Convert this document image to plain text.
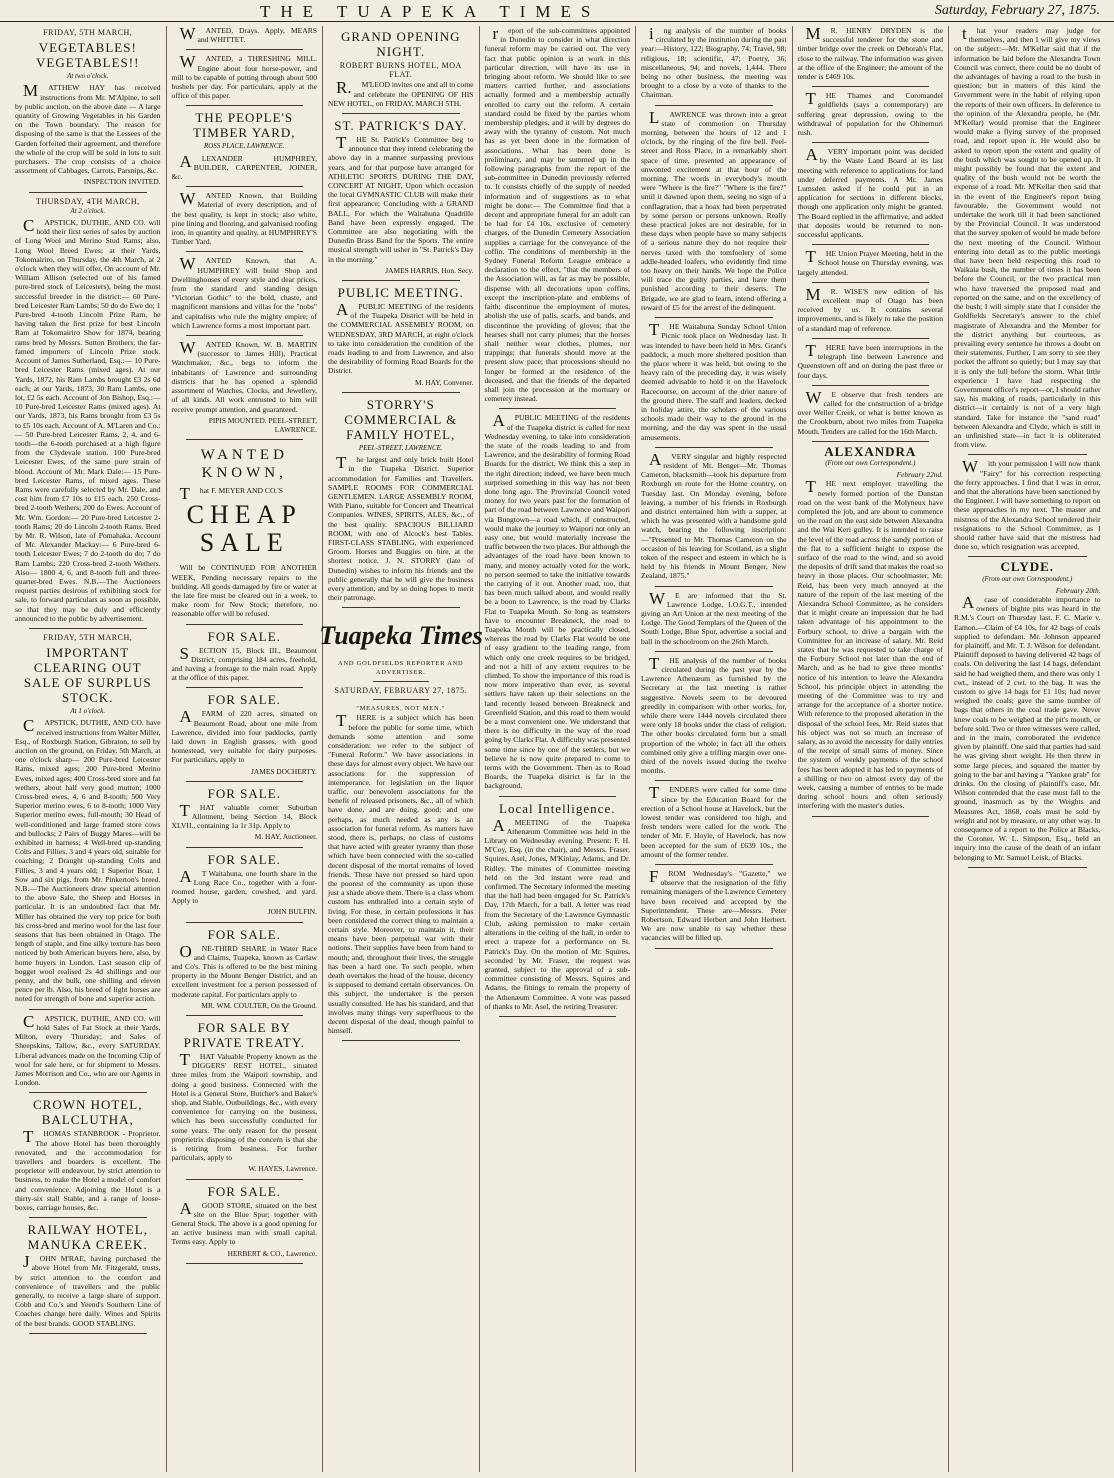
THE TUAPEKA TIMES	Saturday, February 27, 1875.
FRIDAY, 5TH MARCH,
VEGETABLES! VEGETABLES!!
At two o'clock.
MATTHEW HAY has received instructions from Mr. M'Alpine, to sell by public auction, on the above date — A large quantity of Growing Vegetables in his Garden on the Town boundary. The reason for disposing of the same is that the Lessees of the Garden forfeited their agreement, and therefore the whole of the crop will be sold in lots to suit purchasers. The crop consists of a choice assortment of Cabbages, Carrots, Parsnips, &c.
INSPECTION INVITED.
THURSDAY, 4TH MARCH,
At 2 o'clock.
CAPSTICK, DUTHIE, AND CO. will hold their first series of sales by auction of Long Wool and Merino Stud Rams; also, Long Wool Breed Ewes; at their Yards, Tokomairiro, on Thursday, the 4th March, at 2 o'clock when they will offer, On account of Mr. William Allison (selected out of his famed pure-bred stock of Leicesters), being the most successful breeder in the district:— 60 Pure-bred Leicester Ram Lambs; 50 do do Ewe do; 1 Pure-bred 4-tooth Lincoln Prize Ram, he having taken the first prize for best Lincoln Ram at Tokomairiro Show for 1874, beating rams bred by Messrs. Sutton Brothers, the far-famed importers of Lincoln Prize stock. Account of James Sutherland, Esq.:— 10 Pure-bred Leicester Rams (mixed ages). At our Yards, 1872, his Ram Lambs brought £3 2s 6d each; at our Yards, 1873, 30 Ram Lambs, one lot, £2 5s each. Account of Jon Bishop, Esq.:— 10 Pure-bred Leicester Rams (mixed ages). At our Yards, 1873, his Rams brought from £3 5s to £5 10s each. Account of A. M'Laren and Co.:— 50 Pure-bred Leicester Rams, 2, 4, and 6-tooth—the 6-tooth purchased at a high figure from the Clydevale station. 100 Pure-bred Leicester Ewes, of the same pure strain of blood. Account of Mr. Mark Dale:— 15 Pure-bred Leicester Rams, of mixed ages. These Rams were carefully selected by Mr. Dale, and cost him from £7 10s to £15 each. 250 Cross-bred 2-tooth Wethers; 200 do Ewes. Account of Mr. Wm. Gordon:— 20 Pure-bred Leicester 2-tooth Rams; 20 do Lincoln 2-tooth Rams. Bred by Mr. R. Wilson, late of Pomahaka. Account of Mr. Alexander Mackay:— 6 Pure-bred 6-tooth Leicester Ewes; 7 do 2-tooth do do; 7 do Ram Lambs; 220 Cross-bred 2-tooth Wethers. Also— 1800 4, 6, and 8-tooth full and three-quarter-bred Ewes. N.B.—The Auctioneers request parties desirous of exhibiting stock for sale, to forward particulars as soon as possible, so that they may be duly and efficiently announced to the public by advertisement.
FRIDAY, 5TH MARCH,
IMPORTANT CLEARING OUT SALE OF SURPLUS STOCK.
At 1 o'clock.
CAPSTICK, DUTHIE, AND CO. have received instructions from Walter Miller, Esq., of Roxburgh Station, Gibraton, to sell by auction on the ground, on Friday, 5th March, at one o'clock sharp— 200 Pure-bred Leicester Rams, mixed ages; 200 Pure-bred Merino Ewes, mixed ages; 400 Cross-bred store and fat wethers, about half very good mutton; 1000 Cross-bred ewes, 4, 6 and 8-tooth; 500 Very Superior merino ewes, 6 to 8-tooth; 1000 Very Superior merino ewes, full-mouth; 30 Head of well-conditioned and large framed store cows and bullocks; 2 Pairs of Buggy Mares—will be exhibited in harness; 4 Well-bred up-standing Colts and Fillies, 3 and 4 years old, suitable for coaching; 2 Draught up-standing Colts and Fillies, 3 and 4 years old; 1 Superior Boar, 1 Sow and six pigs, from Mr. Pinkerton's breed. N.B.—The Auctioneers draw special attention to the above Sale, the Sheep and Horses in particular. It is an undoubted fact that Mr. Miller has obtained the very top price for both his cross-bred and merino wool for the last four seasons that has been obtained in Otago. The length of staple, and fine silky texture has been noticed by both American buyers here, also, by home buyers in London. Last season clip of hogget wool realised 2s 4d shillings and our penny, and the bulk, one shilling and eleven pence per lb. Also, his breed of light horses are noted for strength of bone and superior action.
CAPSTICK, DUTHIE, AND CO. will hold Sales of Fat Stock at their Yards, Milton, every Thursday; and Sales of Sheepskins, Tallow, &c., every SATURDAY. Liberal advances made on the Incoming Clip of wool for sale here, or for shipment to Messrs. James Morrison and Co., who are our Agents in London.
CROWN HOTEL, BALCLUTHA,
THOMAS STANBROOK - Proprietor. The above Hotel has been thoroughly renovated, and the accommodation for travellers and boarders is excellent. The proprietor will endeavour, by strict attention to business, to make the Hotel a model of comfort and convenience. Adjoining the Hotel is a thirty-six stall Stable, and a range of loose-boxes, carriage houses, &c.
RAILWAY HOTEL, MANUKA CREEK.
JOHN M'RAE, having purchased the above Hotel from Mr. Fitzgerald, trusts, by strict attention to the comfort and convenience of travellers and the public generally, to receive a large share of support. Cobb and Co.'s and Yeend's Southern Line of Coaches change here daily. Wines and Spirits of the best brands. GOOD STABLING.
WANTED, Drays. Apply, MEARS and WHITTET.
WANTED, a THRESHING MILL. Engine about four horse-power, and mill to be capable of putting through about 500 bushels per day. For particulars, apply at the office of this paper.
THE PEOPLE'S TIMBER YARD,
ROSS PLACE, LAWRENCE.
ALEXANDER HUMPHREY, BUILDER, CARPENTER, JOINER, &c.
WANTED Known, that Building Material of every description, and of the best quality, is kept in stock; also white, pine lining and flooring, and galvanised roofing iron, in quantity and quality, at HUMPHREY'S Timber Yard.
WANTED Known, that A. HUMPHREY will build Shop and Dwellinghouses of every style and dear prices, from the standard and standing design "Victorian Gothic" to the bold, chaste, and magnificent mansions and villas for the "nobs" and capitalists who rule the mighty empire; of which Lawrence forms a most important part.
WANTED Known, W. B. MARTIN (successor to James Hill), Practical Watchmaker, &c., begs to inform the inhabitants of Lawrence and surrounding districts that he has opened a splendid assortment of Watches, Clocks, and Jewellery, of all kinds. All work entrusted to him will receive prompt attention, and guaranteed.
PIPIS MOUNTED. PEEL-STREET, LAWRENCE.
WANTED KNOWN,
That F. MEYER AND CO.'S
CHEAP SALE
Will be CONTINUED FOR ANOTHER WEEK, Pending necessary repairs to the building. All goods damaged by fire or water at the late fire must be cleared out in a week, to make room for New Stock; therefore, no reasonable offer will be refused.
FOR SALE.
SECTION 15, Block III., Beaumont District, comprising 184 acres, freehold, and having a frontage to the main road. Apply at the office of this paper.
FOR SALE.
AFARM of 220 acres, situated on Beaumont Road, about one mile from Lawrence, divided into four paddocks, partly laid down in English grasses, with good homestead, very suitable for dairy purposes. For particulars, apply to
JAMES DOCHERTY.
FOR SALE.
THAT valuable corner Suburban Allotment, being Section 14, Block XLVII., containing 1a 1r 31p. Apply to
M. HAY, Auctioneer.
FOR SALE.
AT Waitahuna, one fourth share in the Long Race Co., together with a four-roomed house, garden, cowshed, and yard. Apply to
JOHN BULFIN.
FOR SALE.
ONE-THIRD SHARE in Water Race and Claims, Tuapeka, known as Carlaw and Co's. This is offered to be the best mining property in the Mount Benger District, and an excellent investment for a person possessed of moderate capital. For particulars apply to
MR. WM. COULTER, On the Ground.
FOR SALE BY PRIVATE TREATY.
THAT Valuable Property known as the DIGGERS' REST HOTEL, situated three miles from the Waipori township, and doing a good business. Connected with the Hotel is a General Store, Butcher's and Baker's shop, and Stable, Outbuildings, &c., with every convenience for carrying on the business, which has been successfully conducted for some years. The only reason for the present proprietrix disposing of the concern is that she is retiring from business. For further particulars, apply to
W. HAYES, Lawrence.
FOR SALE.
AGOOD STORE, situated on the best site on the Blue Spur; together with General Stock. The above is a good opening for an active business man with small capital. Terms easy. Apply to
HERBERT & CO., Lawrence.
GRAND OPENING NIGHT.
ROBERT BURNS HOTEL, MOA FLAT.
R.M'LEOD invites one and all to come and celebrate the OPENING OF HIS NEW HOTEL, on FRIDAY, MARCH 5TH.
ST. PATRICK'S DAY.
THE St. Patrick's Committee beg to announce that they intend celebrating the above day in a manner surpassing previous years, and for that purpose have arranged for ATHLETIC SPORTS DURING THE DAY, CONCERT AT NIGHT, Upon which occasion the local GYMNASTIC CLUB will make their first appearance; Concluding with a GRAND BALL, For which the Waitahuna Quadrille Band have been expressly engaged. The Committee are also negotiating with the Dunedin Brass Band for the Sports. The entire musical strength will usher in "St. Patrick's Day in the morning."
JAMES HARRIS, Hon. Secy.
PUBLIC MEETING.
APUBLIC MEETING of the residents of the Tuapeka District will be held in the COMMERCIAL ASSEMBLY ROOM, on WEDNESDAY, 3RD MARCH, at eight o'clock to take into consideration the condition of the roads leading to and from Lawrence, and also the desirability of forming Road Boards for the District.
M. HAY, Convener.
STORRY'S COMMERCIAL & FAMILY HOTEL,
PEEL-STREET, LAWRENCE.
The largest and only brick built Hotel in the Tuapeka District. Superior accommodation for Families and Travellers. SAMPLE ROOMS FOR COMMERCIAL GENTLEMEN. LARGE ASSEMBLY ROOM, With Piano, suitable for Concert and Theatrical Companies. WINES, SPIRITS, ALES, &c., of the best quality. SPACIOUS BILLIARD ROOM, with one of Alcock's best Tables. FIRST-CLASS STABLING, with experienced Groom. Horses and Buggies on hire, at the shortest notice. J. N. STORRY (late of Dunedin) wishes to inform his friends and the public generally that he will give the business every attention, and by so doing hopes to merit their patronage.
Tuapeka Times
AND GOLDFIELDS REPORTER AND ADVERTISER.
SATURDAY, FEBRUARY 27, 1875.
"MEASURES, NOT MEN."
THERE is a subject which has been before the public for some time, which demands some attention and some consideration: we refer to the subject of "Funeral Reform." We have associations in these days for almost every object. We have our associations for the suppression of intemperance, for legislation on the liquor traffic, our benevolent associations for the benefit of released prisoners, &c., all of which have done, and are doing, good; and one perhaps, as much needed as any is an association for funeral reform. As matters have stood, there is, perhaps, no class of customs that have acted with greater tyranny than those which have been connected with the so-called decent disposal of the mortal remains of loved friends. These have not pressed so hard upon the poorest of the community as upon those just a shade above them. There is a class whom custom has enthralled into a certain style of living. For these, in certain professions it has been considered the correct thing to maintain a certain style. Moreover, to maintain it, their means have been perpetual war with their notions. Their supplies have been from hand to mouth; and, throughout their lives, the struggle has been a hard one. To such people, when death overtakes the head of the house, decency is supposed to demand certain observances. On this subject, the undertaker is the person usually consulted. He has his standard, and that involves many things very superfluous to the decent disposal of the dead, though painful to himself.
report of the sub-committees appointed in Dunedin to consider in what direction funeral reform may be carried out. The very fact that public opinion is at work in this particular direction, will have its use in bringing about reform. We should like to see matters carried further, and associations actually formed and a membership actually enrolled to carry out the reform. A certain standard could be fixed by the parties whom membership pledges, and it will by degrees do away with the tyranny of custom. Not much has as yet been done in the formation of associations. What has been done is preliminary, and may be summed up in the following paragraphs from the report of the sub-committee in Dunedin previously referred to. It consists chiefly of the supply of needed information and of suggestions as to what might be done:— The Committee find that a decent and appropriate funeral for an adult can be had for £4 10s, exclusive of cemetery charges, of the Dunedin Cemetery Association supplies a carriage for the conveyance of the coffin. The conditions of membership in the Sydney Funeral Reform League embrace a declaration to the effect, "that the members of the Association will, as far as may be possible, dispense with all decorations upon coffins, except the inscription-plate and emblems of faith; discontinue the employment of mutes, abolish the use of palls, scarfs, and bands, and discontinue the providing of gloves; that the hearses shall not carry plumes; that the horses shall neither wear clothes, plumes, nor trappings; that funerals should move at the present slow pace; that processions should no longer be formed at the residence of the deceased, and that the friends of the departed shall join the procession at the mortuary or cemetery instead.
APUBLIC MEETING of the residents of the Tuapeka district is called for next Wednesday evening, to take into consideration the state of the roads leading to and from Lawrence, and the desirability of forming Road Boards for the district. We think this a step in the right direction; indeed, we have been much surprised something in this way has not been done long ago. The Provincial Council voted money for two years past for the formation of part of the road between Lawrence and Waipori via Bungtown—a road which, if constructed, would make the journey to Waipori not only an easy one, but would materially increase the traffic between the two places. But although the advantages of the road have been known to many, and money actually voted for the work, no person seemed to take the initiative towards the carrying of it out. Another road, too, that has been much talked about, and would really be a boon to Lawrence, is the road by Clarks Flat to Tuapeka Mouth. So long as teamsters have to encounter Breakneck, the road to Tuapeka Mouth will be practically closed, whereas the road by Clarks Flat would be one of easy gradient to the leading range, from which only one creek requires to be bridged, and not a hill of any extent requires to be climbed. To show the importance of this road is now more imperative than ever, as several settlers have taken up their selections on the land recently leased between Breakneck and Greenfield Station, and this road to them would be a most convenient one. We understand that there is no difficulty in the way of the road going by Clarks Flat. A difficulty was presented some time since by one of the settlers, but we believe he is now quite prepared to come to terms with the Government. Then as to Road Boards, the Tuapeka district is far in the background.
Local Intelligence.
AMEETING of the Tuapeka Athenæum Committee was held in the Library on Wednesday evening. Present: F. H. M'Coy, Esq. (in the chair), and Messrs. Fraser, Squires, Asel, Jones, M'Kinlay, Adams, and Dr. Ridley. The minutes of Committee meeting held on the 3rd instant were read and confirmed. The Secretary informed the meeting that the hall had been engaged for St. Patrick's Day, 17th March, for a ball. A letter was read from the Secretary of the Lawrence Gymnastic Club, asking permission to make certain alterations in the ceiling of the hall, in order to erect a trapeze for a performance on St. Patrick's Day. On the motion of Mr. Squires, seconded by Mr. Fraser, the request was granted, subject to the approval of a sub-committee consisting of Messrs. Squires and Adams, the fittings to remain the property of the Athenæum Committee. A vote was passed of thanks to Mr. Asel, the retiring Treasurer.
ing analysis of the number of books circulated by the institution during the past year:—History, 122; Biography, 74; Travel, 98; religious, 18; scientific, 47; Poetry, 36; miscellaneous, 94; and novels, 1,444. There being no other business, the meeting was brought to a close by a vote of thanks to the Chairman.
LAWRENCE was thrown into a great state of commotion on Thursday morning, between the hours of 12 and 1 o'clock, by the ringing of the fire bell. Peel-street and Ross Place, in a remarkably short space of time, presented an appearance of unwonted excitement at that hour of the morning. The words in everybody's mouth were "Where is the fire?" "Where is the fire?" until it dawned upon them, seeing no sign of a conflagration, that a hoax had been perpetrated by some person or persons unknown. Really these practical jokes are not desirable, for in these days when people have so many subjects of a serious nature they do not require their nerves taxed with the tomfoolery of some addle-headed loafers, who evidently find time too heavy on their hands. We hope the Police will trace the guilty parties, and have them punished according to their deserts. The Brigade, we are glad to learn, intend offering a reward of £5 for the arrest of the delinquent.
THE Waitahuna Sunday School Union Picnic took place on Wednesday last. It was intended to have been held in Mrs. Grant's paddock, a much more sheltered position than the place where it was held, but owing to the heavy rain of the preceding day, it was wisely deemed advisable to hold it on the Havelock Racecourse, on account of the drier nature of the ground there. The staff and leaders, decked in holiday attire, the scholars of the various schools made their way to the ground in the morning, and the day was spent in the usual amusements.
AVERY singular and highly respected resident of Mt. Benger—Mr. Thomas Cameron, blacksmith—took his departure from Roxburgh en route for the Home country, on Tuesday last. On Monday evening, before leaving, a number of his friends in Roxburgh and district entertained him with a supper, at which he was presented with a handsome gold watch, bearing the following inscription:—"Presented to Mr. Thomas Cameron on the occasion of his leaving for Scotland, as a slight token of the respect and esteem in which he is held by his friends in Mount Benger, New Zealand, 1875."
WE are informed that the St. Lawrence Lodge, I.O.G.T., intended giving an Art Union at the next meeting of the Lodge. The Good Templars of the Queen of the South Lodge, Blue Spur, advertise a social and ball in the schoolroom on the 26th March.
THE analysis of the number of books circulated during the past year by the Lawrence Athenæum as furnished by the Secretary at the last meeting is rather suggestive. Novels seem to be devoured greedily in comparison with other works, for, while there were 1444 novels circulated there were only 18 books under the class of religion. The other books circulated form but a small proportion of the whole; in fact all the others combined only give a trifling margin over one-third of the novels issued during the twelve months.
TENDERS were called for some time since by the Education Board for the erection of a School house at Havelock, but the lowest tender was considered too high, and fresh tenders were called for the work. The tender of Mr. F. Hoyle, of Havelock, has now been accepted for the sum of £639 10s., the amount of the former tender.
FROM Wednesday's "Gazette," we observe that the resignation of the fifty remaining managers of the Lawrence Cemetery have been received and accepted by the Superintendent. These are—Messrs. Peter Robertson, Edward Herbert and John Herbert. We are now unable to say whether these vacancies will be filled up.
MR. HENRY DRYDEN is the successful tenderer for the stone and timber bridge over the creek on Deborah's Flat, close to the railway. The information was given at the office of the Engineer; the amount of the tender is £469 10s.
THE Thames and Coromandel goldfields (says a contemporary) are suffering great depression, owing to the withdrawal of population for the Ohinemuri rush.
AVERY important point was decided by the Waste Land Board at its last meeting with reference to applications for land under deferred payments. A Mr. James Lumsden asked if he could put in an application for sections in different blocks, though one application only might be granted. The Board replied in the affirmative, and added that deposits would be returned to non-successful applicants.
THE Union Prayer Meeting, held in the School house on Thursday evening, was largely attended.
MR. WISE'S new edition of his excellent map of Otago has been received by us. It contains several improvements, and is likely to take the position of a standard map of reference.
THERE have been interruptions in the telegraph line between Lawrence and Queenstown off and on during the past three or four days.
WE observe that fresh tenders are called for the construction of a bridge over Weller Creek, or what is better known as the Crookburn, about two miles from Tuapeka Mouth. Tenders are called for the 16th March.
ALEXANDRA
(From our own Correspondent.)
February 22nd.
THE next employer travelling the newly formed portion of the Dunstan road on the west bank of the Molyneux have completed the job, and are about to commence on the road on the east side between Alexandra and the Wai Keri gulley. It is intended to raise the level of the road across the sandy portion of the flat to a sufficient height to expose the surface of the road to the wind, and so avoid the deposits of drift sand that makes the road so heavy in those places. Our schoolmaster, Mr. Reid, has been very much annoyed at the nature of the report of the last meeting of the Alexandra School Committee, as he considers that it might create an impression that he had taken advantage of his appointment to the Forbury school, to drive a bargain with the Committee for an increase of salary. Mr. Reid states that he was requested to take charge of the Forbury School not later than the end of March, and as he had to give three months' notice of his intention to leave the Alexandra School, his principle object in attending the meeting of the Committee was to try and arrange for the acceptance of a shorter notice. With reference to the proposed alteration in the disposal of the school fees, Mr. Reid states that his object was not so much an increase of salary, as to avoid the necessity for daily entries of the receipt of small sums of money. Since the system of weekly payments of the school fees has been adopted it has led to payments of a shilling or two on almost every day of the week, causing a number of entries to be made during school hours and often seriously interfering with the master's duties.
that your readers may judge for themselves, and then I will give my views on the subject:—Mr. M'Kellar said that if the information be laid before the Alexandra Town Council was correct, there could be no doubt of the advantages of having a road to the bush in question; but in matters of this kind the Government were in the habit of relying upon the reports of their own officers. In deference to the opinion of the Alexandra people, he (Mr. M'Kellar) would promise that the Engineer would make a flying survey of the proposed road, and report upon it. He would also be asked to report upon the extent and quality of the bush which was sought to be opened up. It might possibly be found that the extent and quality of the bush would not be worth the expense of a road. Mr. M'Kellar then said that in the event of the Engineer's report being favourable, the Government would not undertake the work till it had been sanctioned by the Provincial Council. It was understood that the survey spoken of would be made before the next meeting of the Council. Without entering into detail as to the public meetings that have been held respecting this road to Waikaia bush, the number of times it has been before the Council, or the two practical men who have traversed the proposed road and reported on the same, and on the excellency of the bush; I will simply state that I consider the Goldfields Secretary's answer to the chief magistrate of Alexandra and the Member for the district anything but courteous, as prevailing every sentence he throws a doubt on their statements. Further, I am sorry to see they pocket the affront so quietly; but I may say that it is only the lull before the storm. What little experience I have had respecting the Government officer's report—or, I should rather say, his making of roads, particularly in this district—it certainly is not of a very high standard. Take for instance the "sand road" between Alexandra and Clyde, which is still in an unfinished state—in fact it is obliterated from view.
With your permission I will now thank "Fairy" for his correction respecting the ferry approaches. I find that I was in error, and that the alterations have been sanctioned by the Engineer. I will have something to report on these approaches in my next. The master and mistress of the Alexandra School tendered their resignations to the School Committee, as I should rather have said that the mistress had done so, which resignation was accepted.
CLYDE.
(From our own Correspondent.)
February 20th.
Acase of considerable importance to owners of bighte pits was heard in the R.M.'s Court on Thursday last. F. C. Marie v. Eamon.—Claim of £4 10s, for 42 bags of coals supplied to defendant. Mr. Johnson appeared for plaintiff, and Mr. T. J. Wilson for defendant. Plaintiff deposed to having delivered 42 bags of coals. On delivering the last 14 bags, defendant said he had weighed them, and there was only 1 cwt., instead of 2 cwt. to the bag. It was the custom to give 14 bags for £1 10s; had never weighed the coals; gave the same number of bags that others in the coal trade gave. Never knew coals to be weighed at the pit's mouth, or before sold. Two or three witnesses were called, and in the main, corroborated the evidence given by plaintiff. One said that parties had said he was giving short weight. He then threw in some large pieces, and squared the matter by going to the bar and having a "Yankee grab" for drinks. On the closing of plaintiff's case, Mr. Wilson contended that the case must fall to the ground, inasmuch as by the Weights and Measures Act, 1868, coals must be sold by weight and not by measure, or any other way. In consequence of a report to the Police at Blacks, the Coroner, W. L. Simpson, Esq., held an inquiry into the cause of the death of an infant belonging to Mr. Samuel Leisk, of Blacks.
